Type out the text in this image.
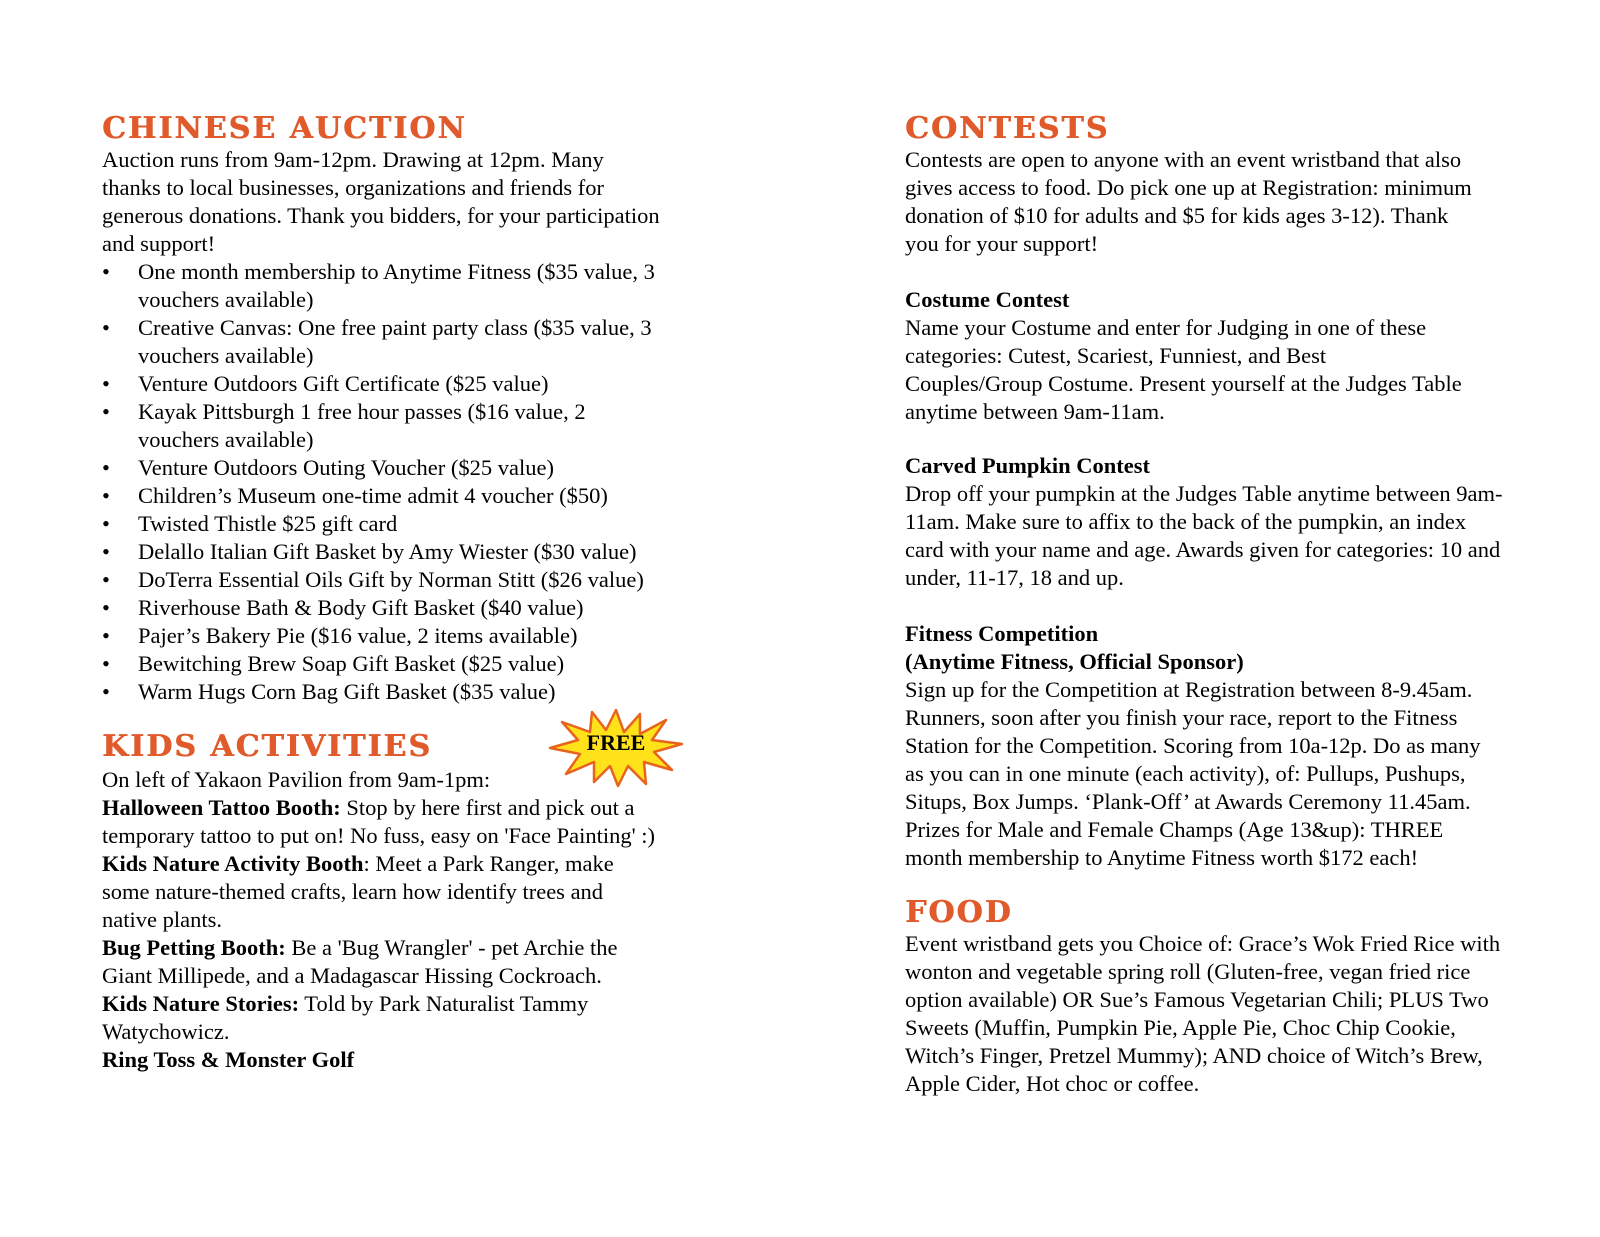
CHINESE AUCTION

Auction runs from 9am-12pm. Drawing at 12pm. Many thanks to local businesses, organizations and friends for generous donations. Thank you bidders, for your participation and support!

• One month membership to Anytime Fitness ($35 value, 3 vouchers available)
• Creative Canvas: One free paint party class ($35 value, 3 vouchers available)
• Venture Outdoors Gift Certificate ($25 value)
• Kayak Pittsburgh 1 free hour passes ($16 value, 2 vouchers available)
• Venture Outdoors Outing Voucher ($25 value)
• Children’s Museum one-time admit 4 voucher ($50)
• Twisted Thistle $25 gift card
• Delallo Italian Gift Basket by Amy Wiester ($30 value)
• DoTerra Essential Oils Gift by Norman Stitt ($26 value)
• Riverhouse Bath & Body Gift Basket ($40 value)
• Pajer’s Bakery Pie ($16 value, 2 items available)
• Bewitching Brew Soap Gift Basket ($25 value)
• Warm Hugs Corn Bag Gift Basket ($35 value)
KIDS ACTIVITIES	FREE

On left of Yakaon Pavilion from 9am-1pm:

Halloween Tattoo Booth: Stop by here first and pick out a temporary tattoo to put on! No fuss, easy on 'Face Painting' :)

Kids Nature Activity Booth: Meet a Park Ranger, make some nature-themed crafts, learn how identify trees and native plants.

Bug Petting Booth: Be a 'Bug Wrangler' - pet Archie the Giant Millipede, and a Madagascar Hissing Cockroach.

Kids Nature Stories: Told by Park Naturalist Tammy Watychowicz.

Ring Toss & Monster Golf

CONTESTS

Contests are open to anyone with an event wristband that also gives access to food. Do pick one up at Registration: minimum donation of $10 for adults and $5 for kids ages 3-12). Thank you for your support!

Costume Contest

Name your Costume and enter for Judging in one of these categories: Cutest, Scariest, Funniest, and Best Couples/Group Costume. Present yourself at the Judges Table anytime between 9am-11am.

Carved Pumpkin Contest

Drop off your pumpkin at the Judges Table anytime between 9am-11am. Make sure to affix to the back of the pumpkin, an index card with your name and age. Awards given for categories: 10 and under, 11-17, 18 and up.

Fitness Competition
(Anytime Fitness, Official Sponsor)

Sign up for the Competition at Registration between 8-9.45am. Runners, soon after you finish your race, report to the Fitness Station for the Competition. Scoring from 10a-12p. Do as many as you can in one minute (each activity), of: Pullups, Pushups, Situps, Box Jumps. ‘Plank-Off’ at Awards Ceremony 11.45am. Prizes for Male and Female Champs (Age 13&up): THREE month membership to Anytime Fitness worth $172 each!

FOOD

Event wristband gets you Choice of: Grace’s Wok Fried Rice with wonton and vegetable spring roll (Gluten-free, vegan fried rice option available) OR Sue’s Famous Vegetarian Chili; PLUS Two Sweets (Muffin, Pumpkin Pie, Apple Pie, Choc Chip Cookie, Witch’s Finger, Pretzel Mummy); AND choice of Witch’s Brew, Apple Cider, Hot choc or coffee.
